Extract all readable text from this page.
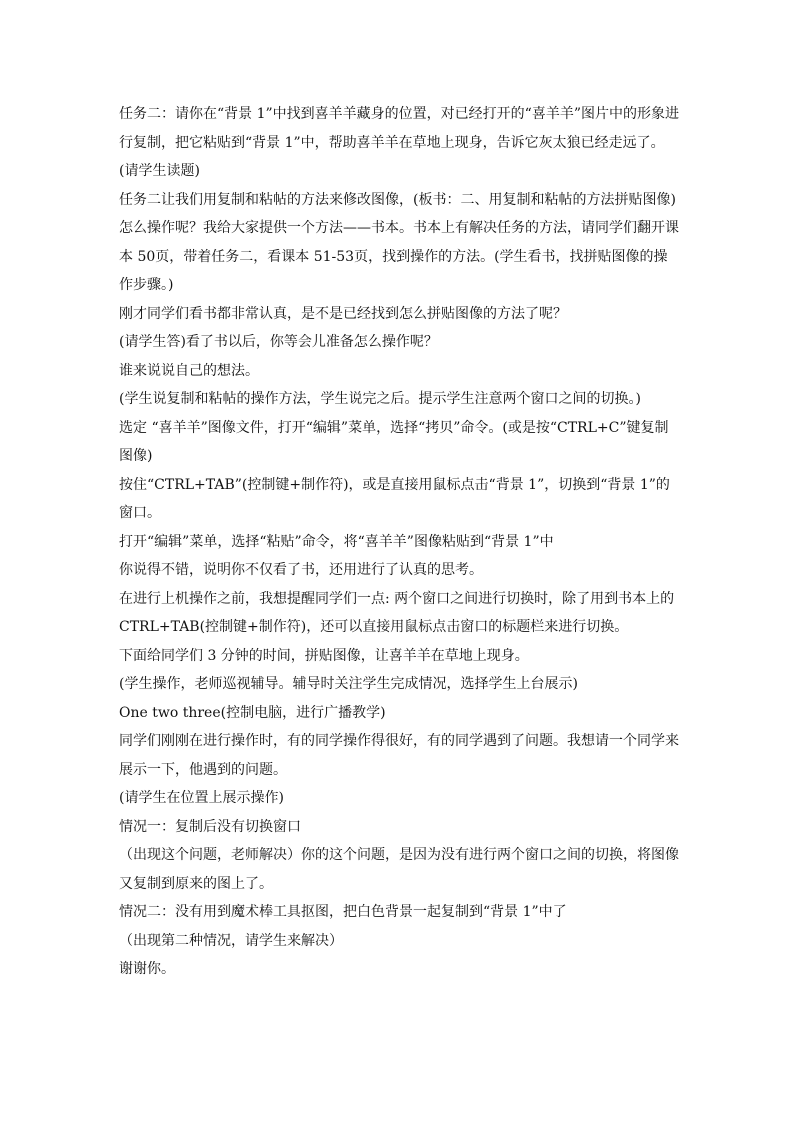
任务二：请你在“背景 1”中找到喜羊羊藏身的位置，对已经打开的“喜羊羊”图片中的形象进行复制，把它粘贴到“背景 1”中，帮助喜羊羊在草地上现身，告诉它灰太狼已经走远了。

(请学生读题)

任务二让我们用复制和粘帖的方法来修改图像，(板书：二、用复制和粘帖的方法拼贴图像)怎么操作呢？我给大家提供一个方法——书本。书本上有解决任务的方法，请同学们翻开课本 50页，带着任务二，看课本 51-53页，找到操作的方法。(学生看书，找拼贴图像的操作步骤。)

刚才同学们看书都非常认真，是不是已经找到怎么拼贴图像的方法了呢？

(请学生答)看了书以后，你等会儿准备怎么操作呢？

谁来说说自己的想法。

(学生说复制和粘帖的操作方法，学生说完之后。提示学生注意两个窗口之间的切换。)

选定 “喜羊羊”图像文件，打开“编辑”菜单，选择“拷贝”命令。(或是按“CTRL+C”键复制图像)

按住“CTRL+TAB”(控制键+制作符)，或是直接用鼠标点击“背景 1”，切换到“背景 1”的窗口。

打开“编辑”菜单，选择“粘贴”命令，将“喜羊羊”图像粘贴到“背景 1”中

你说得不错，说明你不仅看了书，还用进行了认真的思考。

在进行上机操作之前，我想提醒同学们一点: 两个窗口之间进行切换时，除了用到书本上的CTRL+TAB(控制键+制作符)，还可以直接用鼠标点击窗口的标题栏来进行切换。

下面给同学们 3 分钟的时间，拼贴图像，让喜羊羊在草地上现身。

(学生操作，老师巡视辅导。辅导时关注学生完成情况，选择学生上台展示)

One two three(控制电脑，进行广播教学)

同学们刚刚在进行操作时，有的同学操作得很好，有的同学遇到了问题。我想请一个同学来展示一下，他遇到的问题。

(请学生在位置上展示操作)

情况一：复制后没有切换窗口

（出现这个问题，老师解决）你的这个问题，是因为没有进行两个窗口之间的切换，将图像又复制到原来的图上了。

情况二：没有用到魔术棒工具抠图，把白色背景一起复制到“背景 1”中了

（出现第二种情况，请学生来解决）

谢谢你。
